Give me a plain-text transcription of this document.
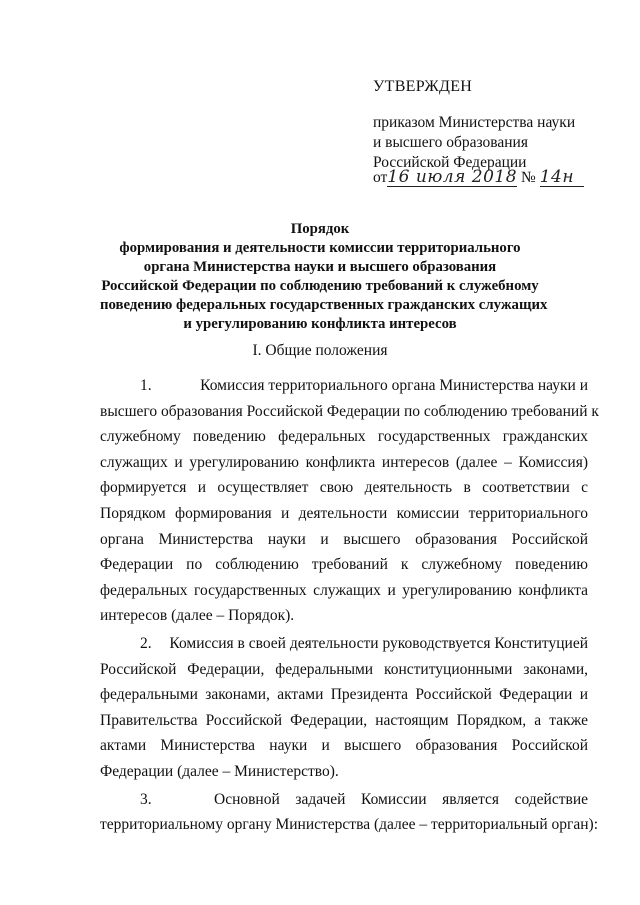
УТВЕРЖДЕН
приказом Министерства науки
и высшего образования
Российской Федерации
от16 июля 2018 № 14н
Порядок
формирования и деятельности комиссии территориального
органа Министерства науки и высшего образования
Российской Федерации по соблюдению требований к служебному
поведению федеральных государственных гражданских служащих
и урегулированию конфликта интересов
I. Общие положения
1.	Комиссия территориального органа Министерства науки и
высшего образования Российской Федерации по соблюдению требований к
служебному поведению федеральных государственных гражданских
служащих и урегулированию конфликта интересов (далее – Комиссия)
формируется и осуществляет свою деятельность в соответствии с
Порядком формирования и деятельности комиссии территориального
органа Министерства науки и высшего образования Российской
Федерации по соблюдению требований к служебному поведению
федеральных государственных служащих и урегулированию конфликта
интересов (далее – Порядок).
2.	Комиссия в своей деятельности руководствуется Конституцией
Российской Федерации, федеральными конституционными законами,
федеральными законами, актами Президента Российской Федерации и
Правительства Российской Федерации, настоящим Порядком, а также
актами Министерства науки и высшего образования Российской
Федерации (далее – Министерство).
3.	Основной задачей Комиссии является содействие
территориальному органу Министерства (далее – территориальный орган):
